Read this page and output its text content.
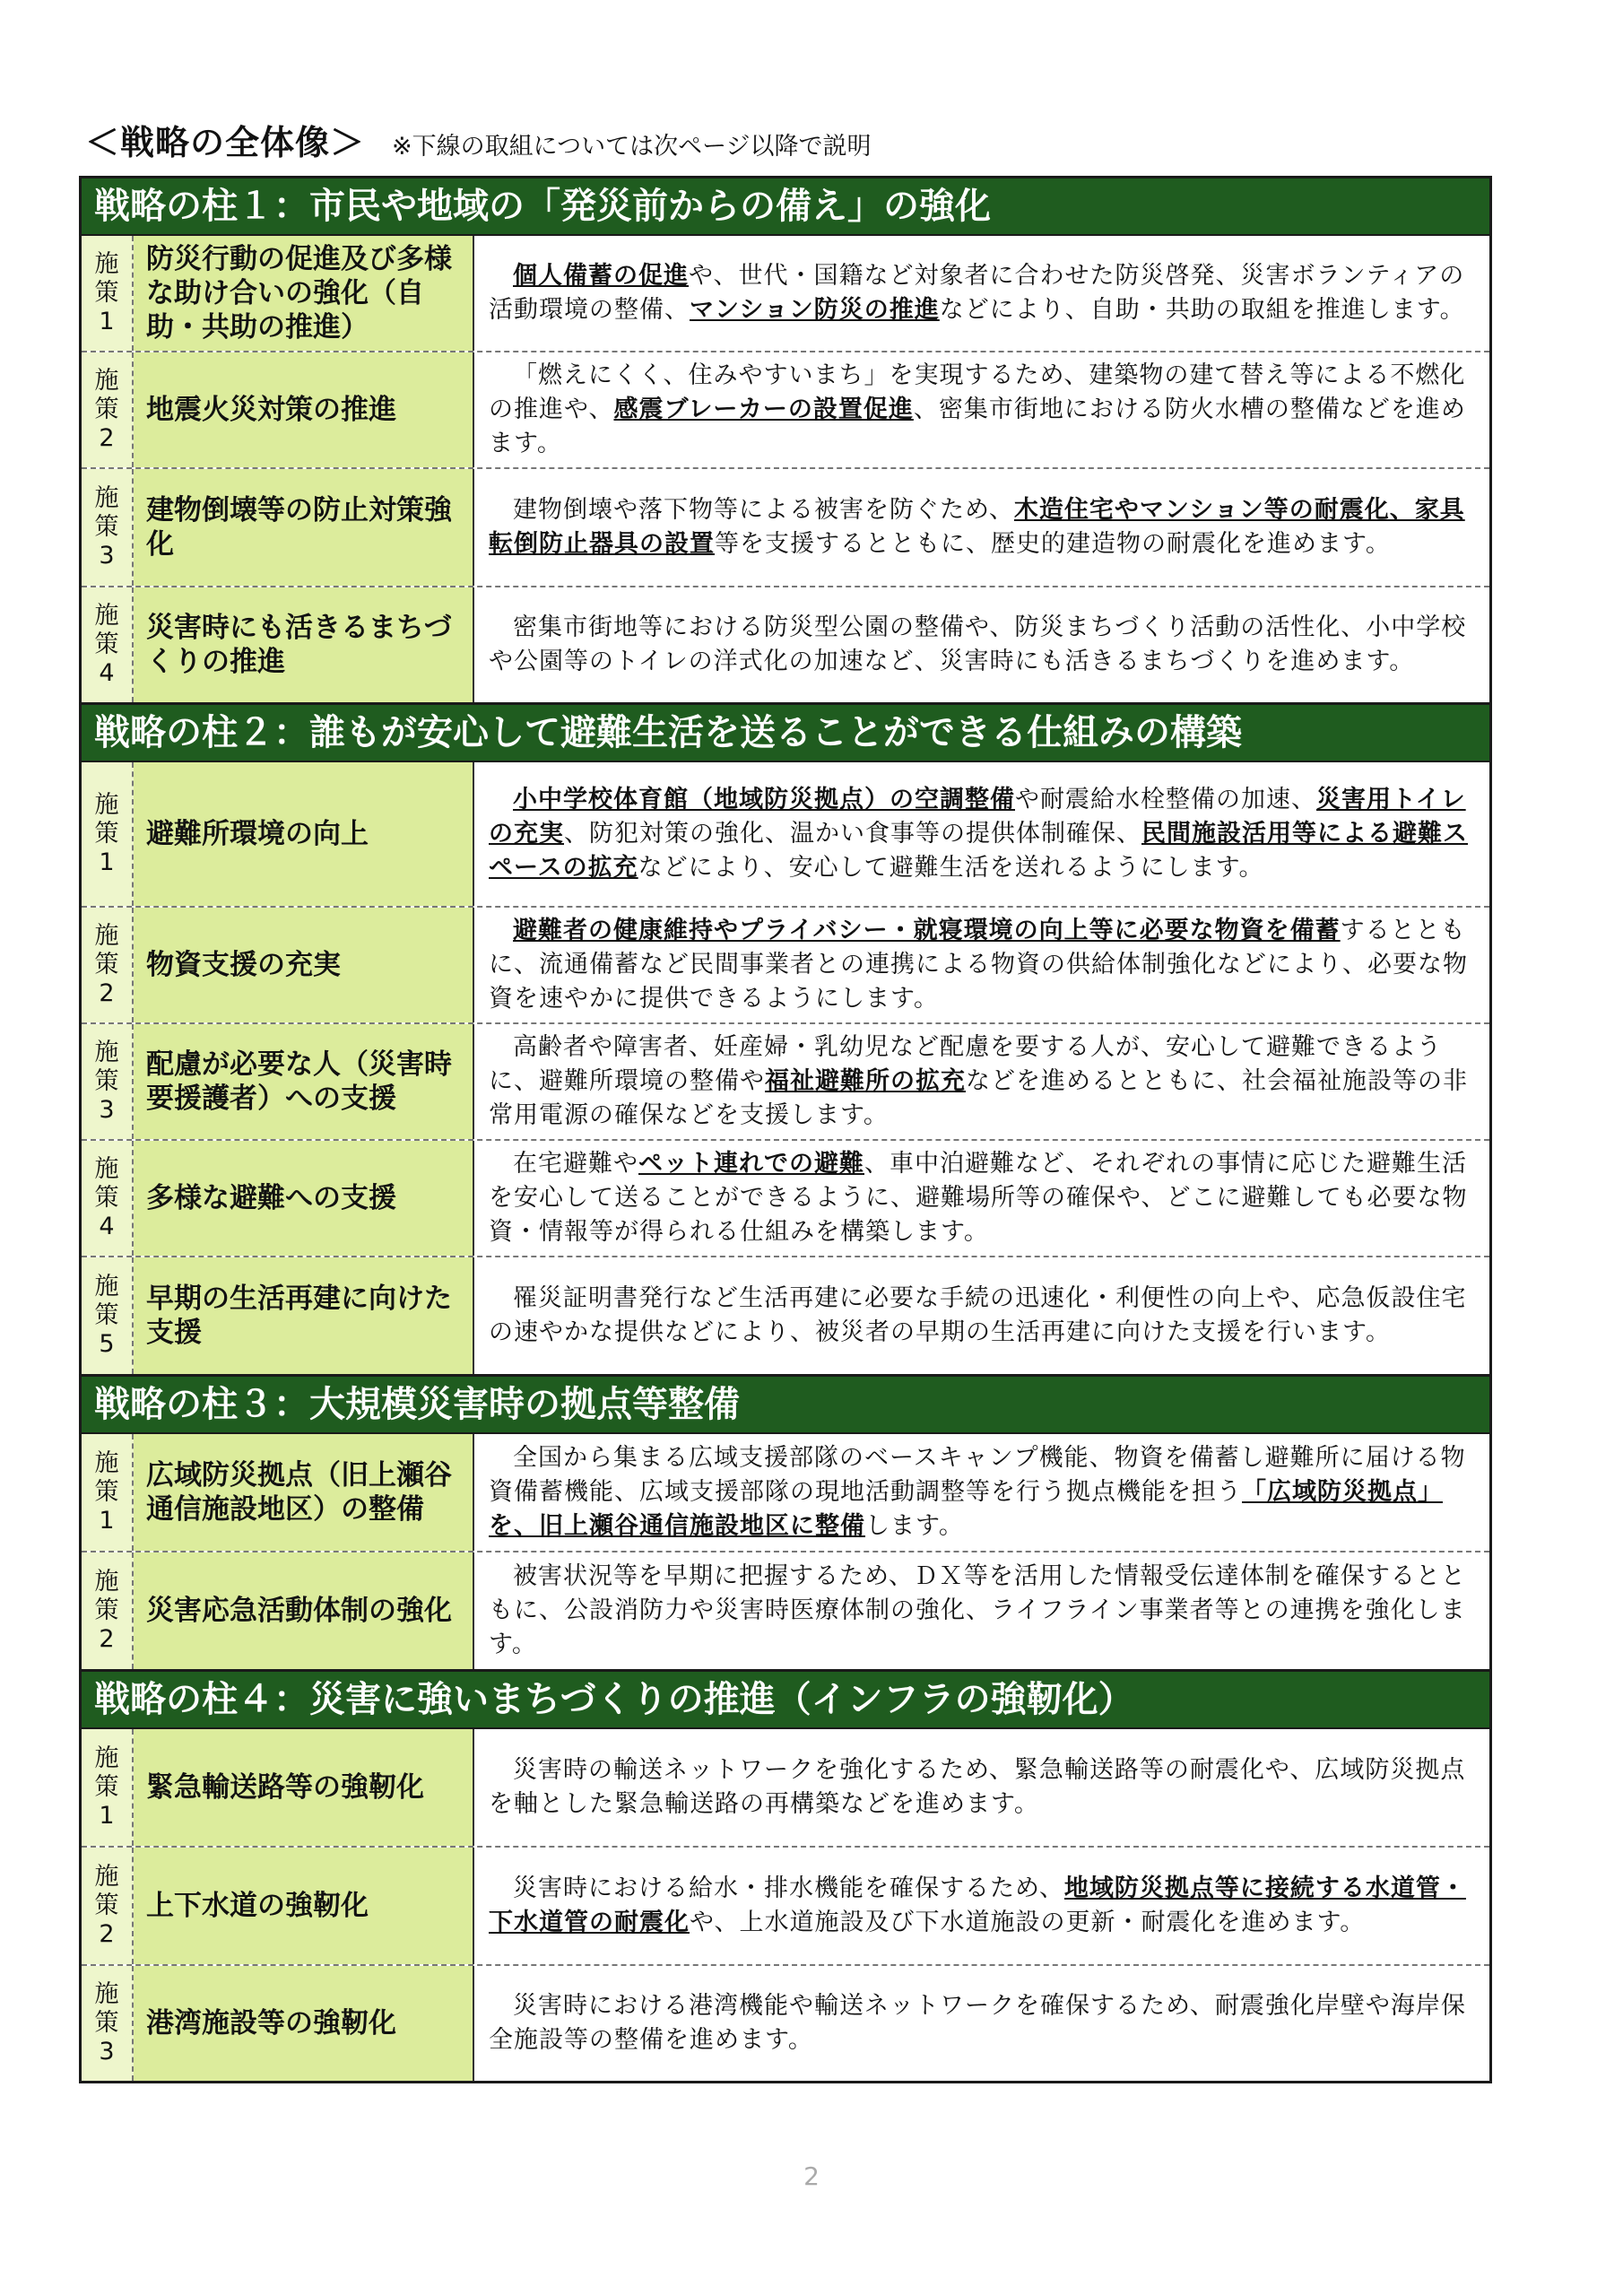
＜戦略の全体像＞ ※下線の取組については次ページ以降で説明
戦略の柱１：市民や地域の「発災前からの備え」の強化
施策1
防災行動の促進及び多様な助け合いの強化（自助・共助の推進）

個人備蓄の促進や、世代・国籍など対象者に合わせた防災啓発、災害ボランティアの活動環境の整備、マンション防災の推進などにより、自助・共助の取組を推進します。

施策2
地震火災対策の推進

「燃えにくく、住みやすいまち」を実現するため、建築物の建て替え等による不燃化の推進や、感震ブレーカーの設置促進、密集市街地における防火水槽の整備などを進めます。

施策3
建物倒壊等の防止対策強化

建物倒壊や落下物等による被害を防ぐため、木造住宅やマンション等の耐震化、家具転倒防止器具の設置等を支援するとともに、歴史的建造物の耐震化を進めます。

施策4
災害時にも活きるまちづくりの推進

密集市街地等における防災型公園の整備や、防災まちづくり活動の活性化、小中学校や公園等のトイレの洋式化の加速など、災害時にも活きるまちづくりを進めます。

戦略の柱２：誰もが安心して避難生活を送ることができる仕組みの構築
施策1
避難所環境の向上

小中学校体育館（地域防災拠点）の空調整備や耐震給水栓整備の加速、災害用トイレの充実、防犯対策の強化、温かい食事等の提供体制確保、民間施設活用等による避難スペースの拡充などにより、安心して避難生活を送れるようにします。

施策2
物資支援の充実

避難者の健康維持やプライバシー・就寝環境の向上等に必要な物資を備蓄するとともに、流通備蓄など民間事業者との連携による物資の供給体制強化などにより、必要な物資を速やかに提供できるようにします。

施策3
配慮が必要な人（災害時要援護者）への支援

高齢者や障害者、妊産婦・乳幼児など配慮を要する人が、安心して避難できるように、避難所環境の整備や福祉避難所の拡充などを進めるとともに、社会福祉施設等の非常用電源の確保などを支援します。

施策4
多様な避難への支援

在宅避難やペット連れでの避難、車中泊避難など、それぞれの事情に応じた避難生活を安心して送ることができるように、避難場所等の確保や、どこに避難しても必要な物資・情報等が得られる仕組みを構築します。

施策5
早期の生活再建に向けた支援

罹災証明書発行など生活再建に必要な手続の迅速化・利便性の向上や、応急仮設住宅の速やかな提供などにより、被災者の早期の生活再建に向けた支援を行います。

戦略の柱３：大規模災害時の拠点等整備
施策1
広域防災拠点（旧上瀬谷通信施設地区）の整備

全国から集まる広域支援部隊のベースキャンプ機能、物資を備蓄し避難所に届ける物資備蓄機能、広域支援部隊の現地活動調整等を行う拠点機能を担う「広域防災拠点」を、旧上瀬谷通信施設地区に整備します。

施策2
災害応急活動体制の強化

被害状況等を早期に把握するため、ＤＸ等を活用した情報受伝達体制を確保するとともに、公設消防力や災害時医療体制の強化、ライフライン事業者等との連携を強化します。

戦略の柱４：災害に強いまちづくりの推進（インフラの強靭化）
施策1
緊急輸送路等の強靭化

災害時の輸送ネットワークを強化するため、緊急輸送路等の耐震化や、広域防災拠点を軸とした緊急輸送路の再構築などを進めます。

施策2
上下水道の強靭化

災害時における給水・排水機能を確保するため、地域防災拠点等に接続する水道管・下水道管の耐震化や、上水道施設及び下水道施設の更新・耐震化を進めます。

施策3
港湾施設等の強靭化

災害時における港湾機能や輸送ネットワークを確保するため、耐震強化岸壁や海岸保全施設等の整備を進めます。

2
